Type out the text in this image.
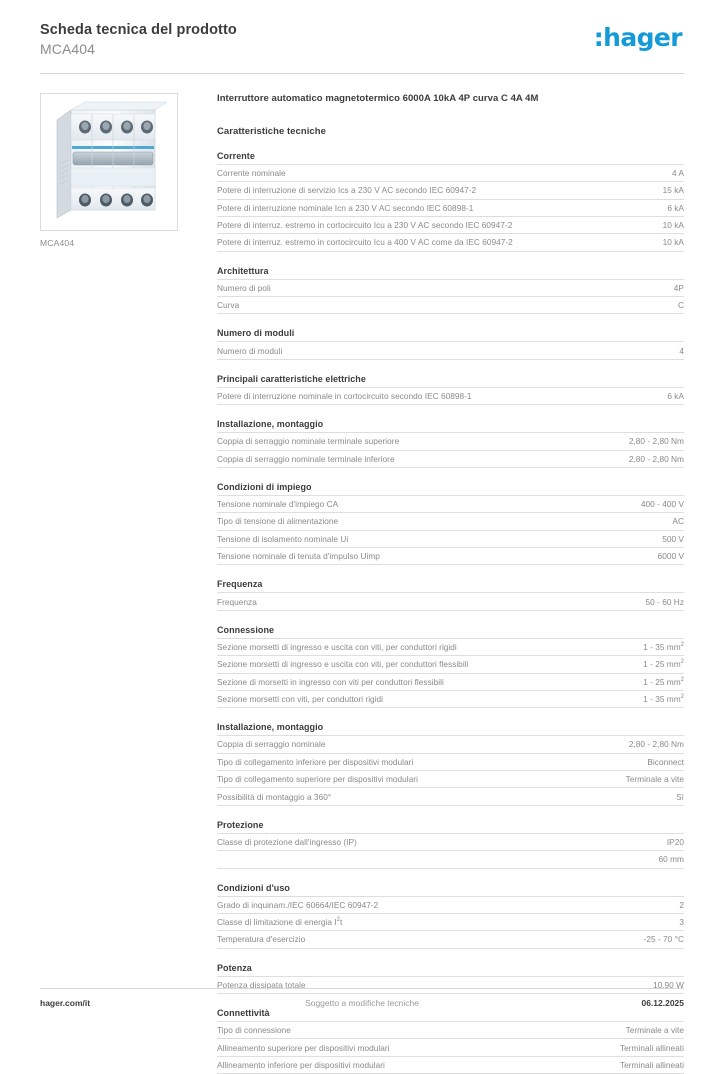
Scheda tecnica del prodotto
MCA404	:hager
MCA404
Interruttore automatico magnetotermico 6000A 10kA 4P curva C 4A 4M
Caratteristiche tecniche
Corrente
Corrente nominale	4 A
Potere di interruzione di servizio Ics a 230 V AC secondo IEC 60947-2	15 kA
Potere di interruzione nominale Icn a 230 V AC secondo IEC 60898-1	6 kA
Potere di interruz. estremo in cortocircuito Icu a 230 V AC secondo IEC 60947-2	10 kA
Potere di interruz. estremo in cortocircuito Icu a 400 V AC come da IEC 60947-2	10 kA
Architettura
Numero di poli	4P
Curva	C
Numero di moduli
Numero di moduli	4
Principali caratteristiche elettriche
Potere di interruzione nominale in cortocircuito secondo IEC 60898-1	6 kA
Installazione, montaggio
Coppia di serraggio nominale terminale superiore	2,80 - 2,80 Nm
Coppia di serraggio nominale terminale inferiore	2,80 - 2,80 Nm
Condizioni di impiego
Tensione nominale d'impiego CA	400 - 400 V
Tipo di tensione di alimentazione	AC
Tensione di isolamento nominale Ui	500 V
Tensione nominale di tenuta d'impulso Uimp	6000 V
Frequenza
Frequenza	50 - 60 Hz
Connessione
Sezione morsetti di ingresso e uscita con viti, per conduttori rigidi	1 - 35 $mm^2$
Sezione morsetti di ingresso e uscita con viti, per conduttori flessibili	1 - 25 $mm^2$
Sezione di morsetti in ingresso con viti per conduttori flessibili	1 - 25 $mm^2$
Sezione morsetti con viti, per conduttori rigidi	1 - 35 $mm^2$
Installazione, montaggio
Coppia di serraggio nominale	2,80 - 2,80 Nm
Tipo di collegamento inferiore per dispositivi modulari	Biconnect
Tipo di collegamento superiore per dispositivi modulari	Terminale a vite
Possibilità di montaggio a 360°	Sì
Protezione
Classe di protezione dall'ingresso (IP)	IP20
	60 mm
Condizioni d'uso
Grado di inquinam./IEC 60664/IEC 60947-2	2
Classe di limitazione di energia $I^2t$	3
Temperatura d'esercizio	-25 - 70 °C
Potenza
Potenza dissipata totale	10,90 W
Connettività
Tipo di connessione	Terminale a vite
Allineamento superiore per dispositivi modulari	Terminali allineati
Allineamento inferiore per dispositivi modulari	Terminali allineati
hager.com/it	Soggetto a modifiche tecniche	06.12.2025
